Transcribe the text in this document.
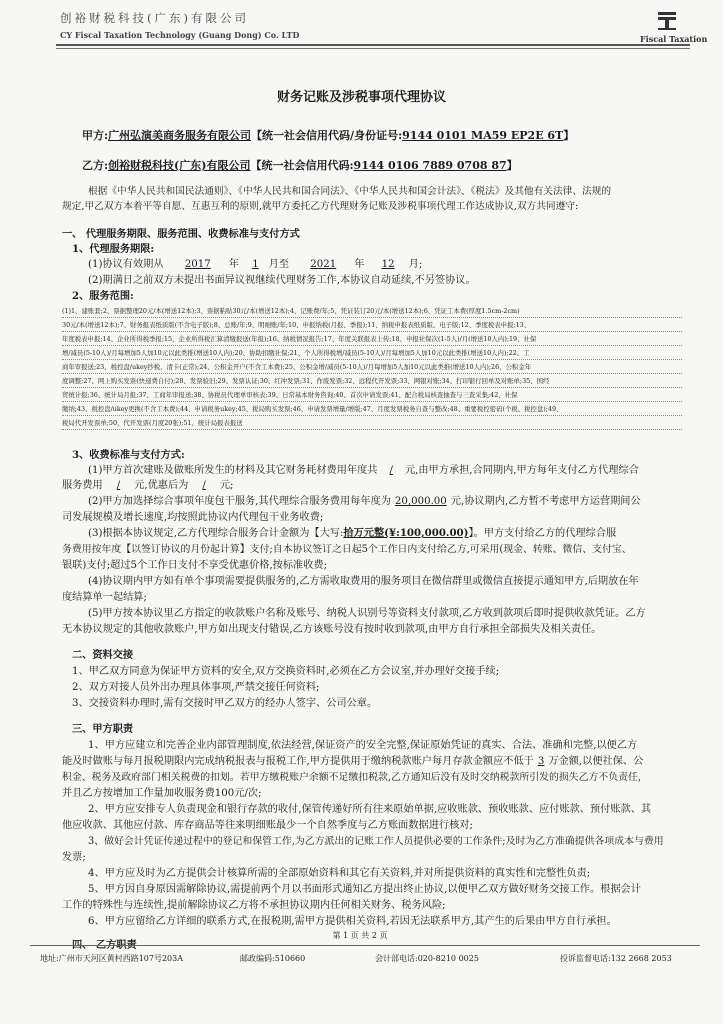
创裕财税科技(广东)有限公司
CY Fiscal Taxation Technology (Guang Dong) Co. LTD	Fiscal Taxation
财务记账及涉税事项代理协议
甲方:广州弘演美商务服务有限公司【统一社会信用代码/身份证号:9144 0101 MA59 EP2E 6T】
乙方:创裕财税科技(广东)有限公司【统一社会信用代码:9144 0106 7889 0708 87】
根据《中华人民共和国民法通则》、《中华人民共和国合同法》、《中华人民共和国会计法》、《税法》及其他有关法律、法规的
规定,甲乙双方本着平等自愿、互惠互利的原则,就甲方委托乙方代理财务记账及涉税事项代理工作达成协议,双方共同遵守:
一、 代理服务期限、服务范围、收费标准与支付方式
1、代理服务期限:
(1)协议有效期从 2017 年 1 月至 2021 年 12 月;
(2)期满日之前双方未提出书面异议视继续代理财务工作,本协议自动延续,不另签协议。
2、服务范围:
(1)1、建账套;2、票据整理20元/本(增送12本);3、票据粘贴30元/本(增送12本);4、记账费/年;5、凭证装订20元/本(增送12本);6、凭证工本费(厚度1.5cm-2cm)
30元/本(增送12本);7、财务报表纸质版(不含电子版);8、总账/年;9、明细账/年;10、申报纳税(月报、季报);11、纳税申报表纸质版、电子版;12、季度税表申报;13、
年度税表申报;14、企业所得税季报;15、企业所得税汇算清缴报送(年报);16、纳税情况报告;17、年度关联报表上传;18、申报社保次(1-5人)/月(增送10人内);19、社保
增/减员(5-10人)/月每增加5人加10元以此类推(增送10人内);20、协助扣缴社保;21、个人所得税增/减员(5-10人)/月每增加5人加10元以此类推(增送10人内);22、工
商年审报送;23、税控盘/ukey抄税、清卡(正常);24、公积金开户(不含工本费);25、公积金增/减员(5-10人)/月每增加5人加10元以此类推(增送10人内);26、公积金年
度调整;27、网上购买发票(快递费自付);28、发票验旧;29、发票认证;30、红冲发票;31、作废发票;32、远程代开发票;33、网银对账;34、打印银行回单及对账单;35、国经
贸统计报;36、统计局月报;37、工商年审报送;38、协税员代理单审核表;39、日常基本财务咨询;40、首次申请发票;41、配合税局核查抽查与三查采集;42、社保
缴纳;43、税控盘/ukey更换(不含工本费);44、申请税务ukey;45、税局购买发票;46、申请发票增量/增版;47、月度发票税务自查与整改;48、重要税控密码(个税、税控盘);49、
税局代开发票单;50、代开发票(月度20张);51、统计局报表报送
3、收费标准与支付方式:
(1)甲方首次建账及做账所发生的材料及其它财务耗材费用年度共 / 元,由甲方承担,合同期内,甲方每年支付乙方代理综合
服务费用 / 元,优惠后为 / 元;
(2)甲方加选择综合事项年度包干服务,其代理综合服务费用每年度为 20,000.00 元,协议期内,乙方暂不考虑甲方运营期间公
司发展规模及增长速度,均按照此协议内代理包干业务收费;
(3)根据本协议规定,乙方代理综合服务合计金额为【大写:拾万元整(¥:100,000.00)】。甲方支付给乙方的代理综合服
务费用按年度【以签订协议的月份起计算】支付;自本协议签订之日起5个工作日内支付给乙方,可采用(现金、转账、微信、支付宝、
银联)支付;超过5个工作日支付不享受优惠价格,按标准收费;
(4)协议期内甲方如有单个事项需要提供服务的,乙方需收取费用的服务项目在微信群里或微信直接提示通知甲方,后期放在年
度结算单一起结算;
(5)甲方按本协议里乙方指定的收款账户名称及账号、纳税人识别号等资料支付款项,乙方收到款项后即时提供收款凭证。乙方
无本协议规定的其他收款账户,甲方如出现支付错误,乙方该账号没有按时收到款项,由甲方自行承担全部损失及相关责任。
二、资料交接
1、甲乙双方同意为保证甲方资料的安全,双方交换资料时,必须在乙方会议室,并办理好交接手续;
2、双方对接人员外出办理具体事项,严禁交接任何资料;
3、交接资料办理时,需有交接时甲乙双方的经办人签字、公司公章。
三、甲方职责
1、甲方应建立和完善企业内部管理制度,依法经营,保证资产的安全完整,保证原始凭证的真实、合法、准确和完整,以便乙方
能及时做账与每月报税期限内完成纳税报表与报税工作,甲方提供用于缴纳税款账户每月存款金额应不低于 3 万金额,以便社保、公
积金、税务及政府部门相关税费的扣划。若甲方缴税账户余额不足缴扣税款,乙方通知后没有及时交纳税款所引发的损失乙方不负责任,
并且乙方按增加工作量加收服务费100元/次;
2、甲方应安排专人负责现金和银行存款的收付,保管传递好所有往来原始单据,应收账款、预收账款、应付账款、预付账款、其
他应收款、其他应付款、库存商品等往来明细账最少一个自然季度与乙方账面数据进行核对;
3、做好会计凭证传递过程中的登记和保管工作,为乙方派出的记账工作人员提供必要的工作条件;及时为乙方准确提供各项成本与费用
发票;
4、甲方应及时为乙方提供会计核算所需的全部原始资料和其它有关资料,并对所提供资料的真实性和完整性负责;
5、甲方因自身原因需解除协议,需提前两个月以书面形式通知乙方提出终止协议,以便甲乙双方做好财务交接工作。根据会计
工作的特殊性与连续性,提前解除协议乙方将不承担协议期内任何相关财务、税务风险;
6、甲方应留给乙方详细的联系方式,在报税期,需甲方提供相关资料,若因无法联系甲方,其产生的后果由甲方自行承担。
四、 乙方职责
第 1 页 共 2 页
地址:广州市天河区黄村西路107号203A	邮政编码:510660	会计部电话:020-8210 0025	投诉监督电话:132 2668 2053
